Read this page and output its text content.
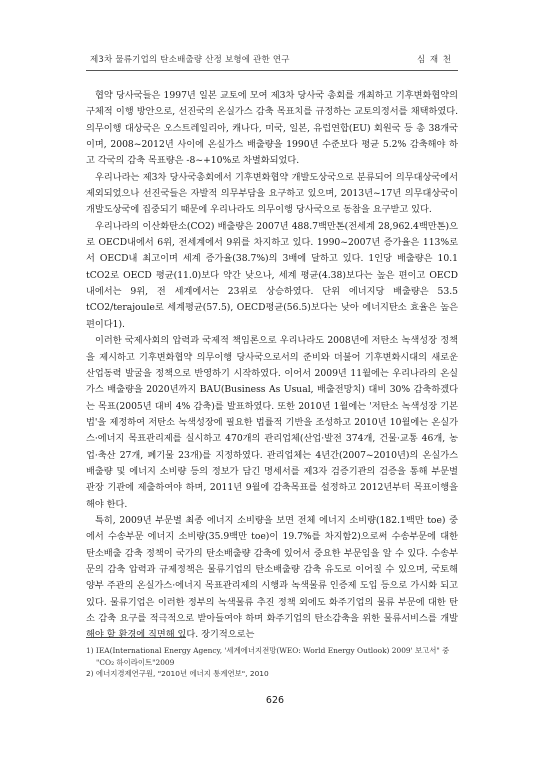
제3차 물류기업의 탄소배출량 산정 보형에 관한 연구	심 재 천

협약 당사국들은 1997년 일본 교토에 모여 제3차 당사국 총회를 개최하고 기후변화협약의 구체적 이행 방안으로, 선진국의 온실가스 감축 목표치를 규정하는 교토의정서를 채택하였다. 의무이행 대상국은 오스트레일리아, 캐나다, 미국, 일본, 유럽연합(EU) 회원국 등 총 38개국이며, 2008~2012년 사이에 온실가스 배출량을 1990년 수준보다 평균 5.2% 감축해야 하고 각국의 감축 목표량은 -8~+10%로 차별화되었다.

우리나라는 제3차 당사국총회에서 기후변화협약 개발도상국으로 분류되어 의무대상국에서 제외되었으나 선진국들은 자발적 의무부담을 요구하고 있으며, 2013년~17년 의무대상국이 개발도상국에 집중되기 때문에 우리나라도 의무이행 당사국으로 동참을 요구받고 있다.

우리나라의 이산화탄소(CO2) 배출량은 2007년 488.7백만톤(전세계 28,962.4백만톤)으로 OECD내에서 6위, 전세계에서 9위를 차지하고 있다. 1990~2007년 증가율은 113%로서 OECD내 최고이며 세계 증가율(38.7%)의 3배에 달하고 있다. 1인당 배출량은 10.1 tCO2로 OECD 평균(11.0)보다 약간 낮으나, 세계 평균(4.38)보다는 높은 편이고 OECD 내에서는 9위, 전 세계에서는 23위로 상승하였다. 단위 에너지당 배출량은 53.5 tCO2/terajoule로 세계평균(57.5), OECD평균(56.5)보다는 낮아 에너지탄소 효율은 높은 편이다1).

이러한 국제사회의 압력과 국제적 책임론으로 우리나라도 2008년에 저탄소 녹색성장 정책을 제시하고 기후변화협약 의무이행 당사국으로서의 준비와 더불어 기후변화시대의 새로운 산업동력 발굴을 정책으로 반영하기 시작하였다. 이어서 2009년 11월에는 우리나라의 온실가스 배출량을 2020년까지 BAU(Business As Usual, 배출전망치) 대비 30% 감축하겠다는 목표(2005년 대비 4% 감축)를 발표하였다. 또한 2010년 1월에는 '저탄소 녹색성장 기본법'을 제정하여 저탄소 녹색성장에 필요한 법률적 기반을 조성하고 2010년 10월에는 온실가스·에너지 목표관리제를 실시하고 470개의 관리업체(산업·발전 374개, 건물·교통 46개, 농업·축산 27개, 폐기물 23개)를 지정하였다. 관리업체는 4년간(2007~2010년)의 온실가스 배출량 및 에너지 소비량 등의 정보가 담긴 명세서를 제3자 검증기관의 검증을 통해 부문별 관장 기관에 제출하여야 하며, 2011년 9월에 감축목표를 설정하고 2012년부터 목표이행을 해야 한다.

특히, 2009년 부문별 최종 에너지 소비량을 보면 전체 에너지 소비량(182.1백만 toe) 중에서 수송부문 에너지 소비량(35.9백만 toe)이 19.7%를 차지함2)으로써 수송부문에 대한 탄소배출 감축 정책이 국가의 탄소배출량 감축에 있어서 중요한 부문임을 알 수 있다. 수송부문의 감축 압력과 규제정책은 물류기업의 탄소배출량 감축 유도로 이어질 수 있으며, 국토해양부 주관의 온실가스·에너지 목표관리제의 시행과 녹색물류 인증제 도입 등으로 가시화 되고 있다. 물류기업은 이러한 정부의 녹색물류 추진 정책 외에도 화주기업의 물류 부문에 대한 탄소 감축 요구를 적극적으로 받아들여야 하며 화주기업의 탄소감축을 위한 물류서비스를 개발해야 할 환경에 직면해 있다. 장기적으로는

1) IEA(International Energy Agency, '세계에너지전망(WEO: World Energy Outlook) 2009' 보고서" 중 "CO₂ 하이라이트"2009
2) 에너지경제연구원, "2010년 에너지 통계연보", 2010
626
